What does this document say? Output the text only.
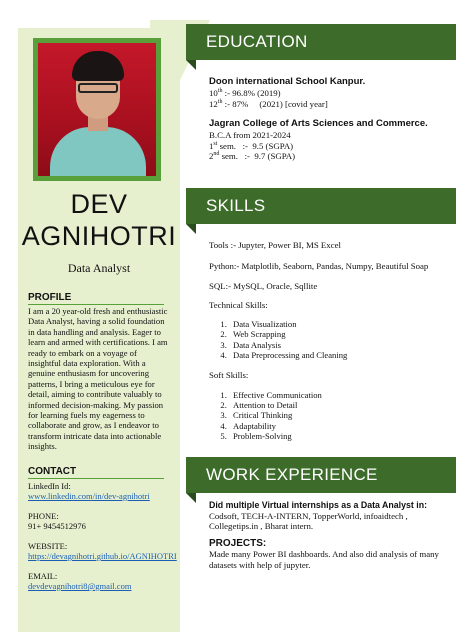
DEV
AGNIHOTRI
Data Analyst
PROFILE
I am a 20 year-old fresh and enthusiastic Data Analyst, having a solid foundation in data handling and analysis. Eager to learn and armed with certifications. I am ready to embark on a voyage of insightful data exploration. With a genuine enthusiasm for uncovering patterns, I bring a meticulous eye for detail, aiming to contribute valuably to informed decision-making. My passion for learning fuels my eagerness to collaborate and grow, as I endeavor to transform intricate data into actionable insights.
CONTACT
LinkedIn Id:
www.linkedin.com/in/dev-agnihotri
PHONE:
91+ 9454512976
WEBSITE:
https://devagnihotri.github.io/AGNIHOTRI
EMAIL:
devdevagnihotri8@gmail.com
EDUCATION
Doon international School Kanpur.
10th :- 96.8% (2019)
12th :- 87%     (2021) [covid year]
Jagran College of Arts Sciences and Commerce.
B.C.A from 2021-2024
1st sem.   :-  9.5 (SGPA)
2nd sem.   :-  9.7 (SGPA)
SKILLS
Tools :- Jupyter, Power BI, MS Excel
Python:- Matplotlib, Seaborn, Pandas, Numpy, Beautiful Soap
SQL:- MySQL, Oracle, Sqllite
Technical Skills:
1. Data Visualization
2. Web Scrapping
3. Data Analysis
4. Data Preprocessing and Cleaning
Soft Skills:
1. Effective Communication
2. Attention to Detail
3. Critical Thinking
4. Adaptability
5. Problem-Solving
WORK EXPERIENCE
Did multiple Virtual internships as a Data Analyst in:
Codsoft, TECH-A-INTERN, TopperWorld, infoaidtech ,
Collegetips.in , Bharat intern.
PROJECTS:
Made many Power BI dashboards. And also did analysis of many datasets with help of jupyter.
